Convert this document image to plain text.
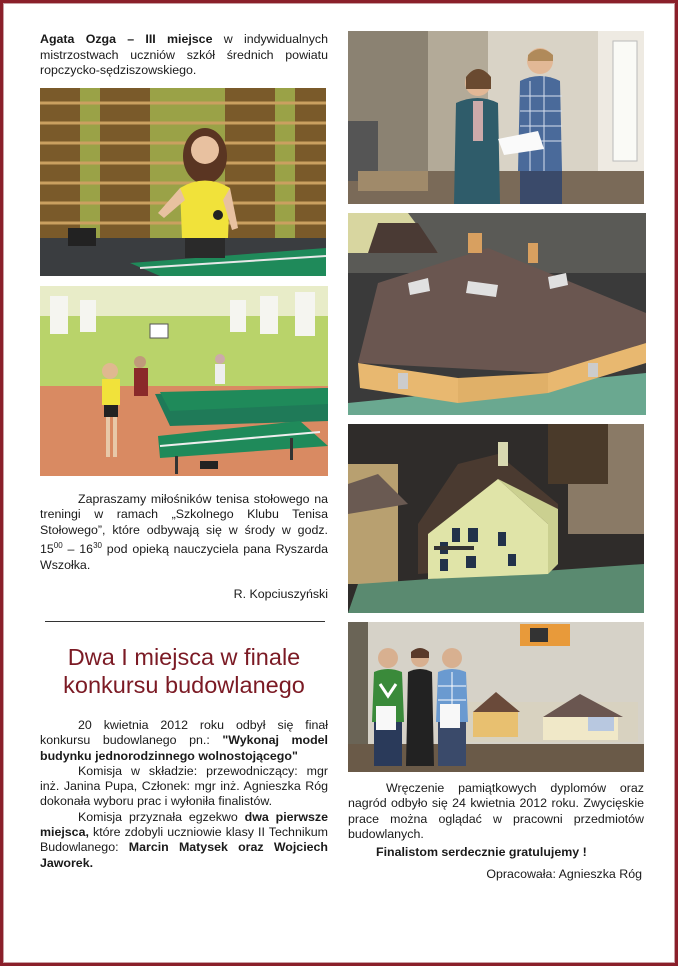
Agata Ozga – III miejsce w indywidualnych mistrzostwach uczniów szkół średnich powiatu ropczycko-sędziszowskiego.
Zapraszamy miłośników tenisa stołowego na treningi w ramach „Szkolnego Klubu Tenisa Stołowego”, które odbywają się w środy w godz. $15^{00} - 16^{30}$ pod opieką nauczyciela pana Ryszarda Wszołka.
R. Kopciuszyński
Dwa I miejsca w finale konkursu budowlanego
20 kwietnia 2012 roku odbył się finał konkursu budowlanego pn.: "Wykonaj model budynku jednorodzinnego wolnostojącego"
Komisja w składzie: przewodniczący: mgr inż. Janina Pupa, Członek: mgr inż. Agnieszka Róg dokonała wyboru prac i wyłoniła finalistów.
Komisja przyznała egzekwo dwa pierwsze miejsca, które zdobyli uczniowie klasy II Technikum Budowlanego: Marcin Matysek oraz Wojciech Jaworek.
Wręczenie pamiątkowych dyplomów oraz nagród odbyło się 24 kwietnia 2012 roku. Zwycięskie prace można oglądać w pracowni przedmiotów budowlanych.
Finalistom serdecznie gratulujemy !
Opracowała: Agnieszka Róg
